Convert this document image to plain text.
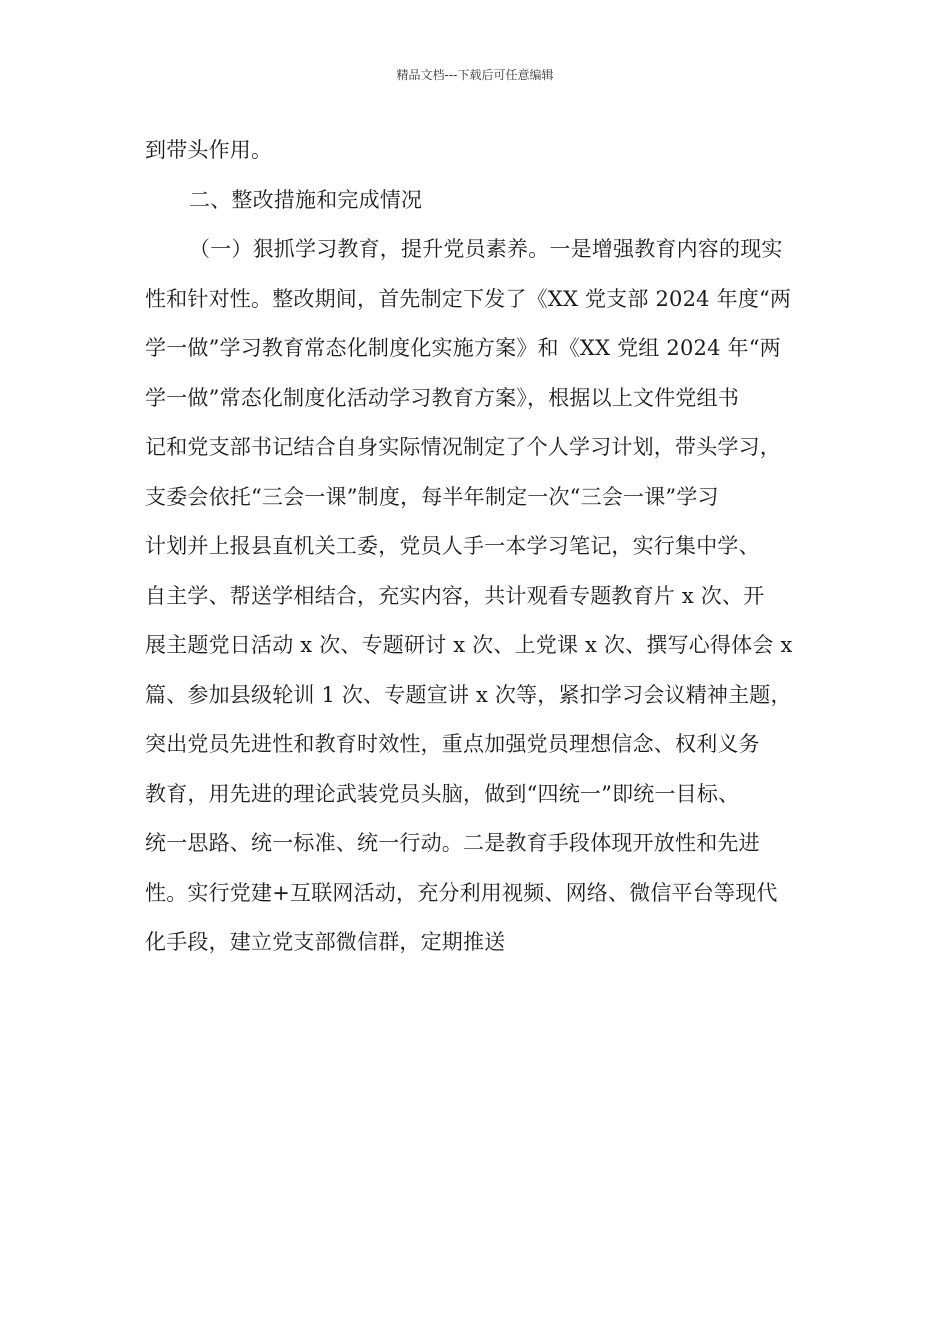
精品文档---下载后可任意编辑
到带头作用。
二、整改措施和完成情况
（一）狠抓学习教育，提升党员素养。一是增强教育内容的现实
性和针对性。整改期间，首先制定下发了《XX 党支部 2024 年度“两
学一做”学习教育常态化制度化实施方案》和《XX 党组 2024 年“两
学一做”常态化制度化活动学习教育方案》，根据以上文件党组书
记和党支部书记结合自身实际情况制定了个人学习计划，带头学习，
支委会依托“三会一课”制度，每半年制定一次“三会一课”学习
计划并上报县直机关工委，党员人手一本学习笔记，实行集中学、
自主学、帮送学相结合，充实内容，共计观看专题教育片 x 次、开
展主题党日活动 x 次、专题研讨 x 次、上党课 x 次、撰写心得体会 x
篇、参加县级轮训 1 次、专题宣讲 x 次等，紧扣学习会议精神主题，
突出党员先进性和教育时效性，重点加强党员理想信念、权利义务
教育，用先进的理论武装党员头脑，做到“四统一”即统一目标、
统一思路、统一标准、统一行动。二是教育手段体现开放性和先进
性。实行党建+互联网活动，充分利用视频、网络、微信平台等现代
化手段，建立党支部微信群，定期推送
